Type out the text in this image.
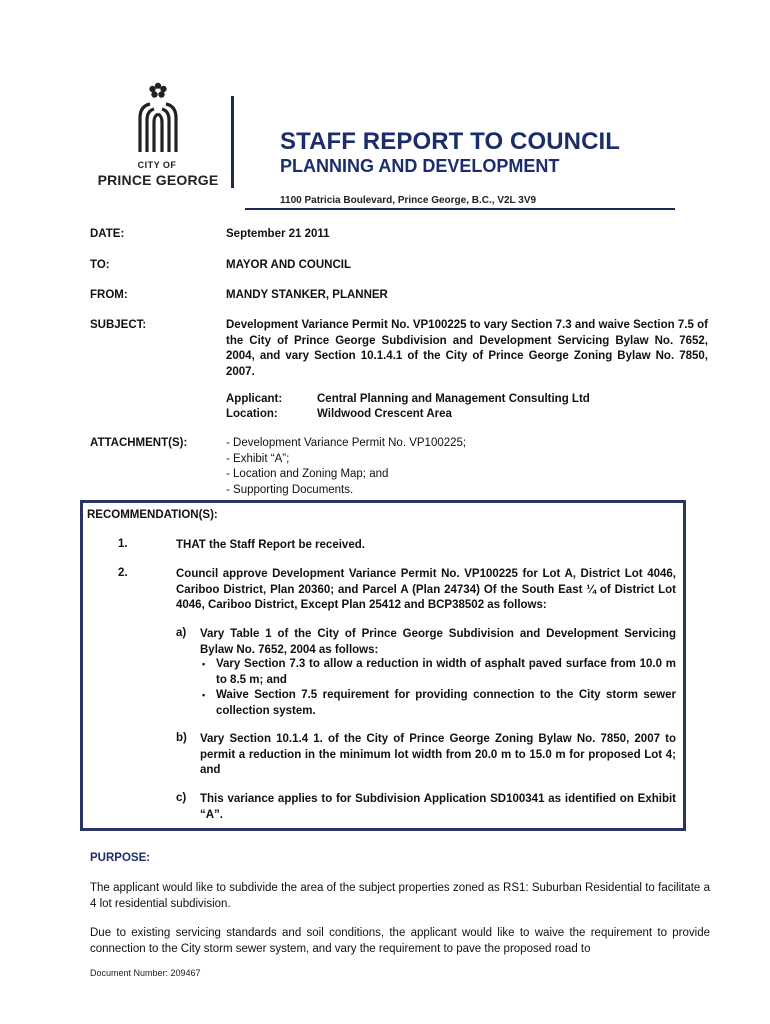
CITY OF
PRINCE GEORGE
STAFF REPORT TO COUNCIL
PLANNING AND DEVELOPMENT
1100 Patricia Boulevard, Prince George, B.C., V2L 3V9
DATE:	September 21 2011
TO:	MAYOR AND COUNCIL
FROM:	MANDY STANKER, PLANNER
SUBJECT:	Development Variance Permit No. VP100225 to vary Section 7.3 and waive Section 7.5 of the City of Prince George Subdivision and Development Servicing Bylaw No. 7652, 2004, and vary Section 10.1.4.1 of the City of Prince George Zoning Bylaw No. 7850, 2007.
Applicant:	Central Planning and Management Consulting Ltd
Location:	Wildwood Crescent Area
ATTACHMENT(S):	- Development Variance Permit No. VP100225;
- Exhibit “A”;
- Location and Zoning Map; and
- Supporting Documents.
RECOMMENDATION(S):
1.	THAT the Staff Report be received.
2.	Council approve Development Variance Permit No. VP100225 for Lot A, District Lot 4046, Cariboo District, Plan 20360; and Parcel A (Plan 24734) Of the South East ¼ of District Lot 4046, Cariboo District, Except Plan 25412 and BCP38502 as follows:
a) Vary Table 1 of the City of Prince George Subdivision and Development Servicing Bylaw No. 7652, 2004 as follows:
• Vary Section 7.3 to allow a reduction in width of asphalt paved surface from 10.0 m to 8.5 m; and
• Waive Section 7.5 requirement for providing connection to the City storm sewer collection system.
b) Vary Section 10.1.4 1. of the City of Prince George Zoning Bylaw No. 7850, 2007 to permit a reduction in the minimum lot width from 20.0 m to 15.0 m for proposed Lot 4; and
c) This variance applies to for Subdivision Application SD100341 as identified on Exhibit “A”.
PURPOSE:
The applicant would like to subdivide the area of the subject properties zoned as RS1: Suburban Residential to facilitate a 4 lot residential subdivision.
Due to existing servicing standards and soil conditions, the applicant would like to waive the requirement to provide connection to the City storm sewer system, and vary the requirement to pave the proposed road to
Document Number: 209467
